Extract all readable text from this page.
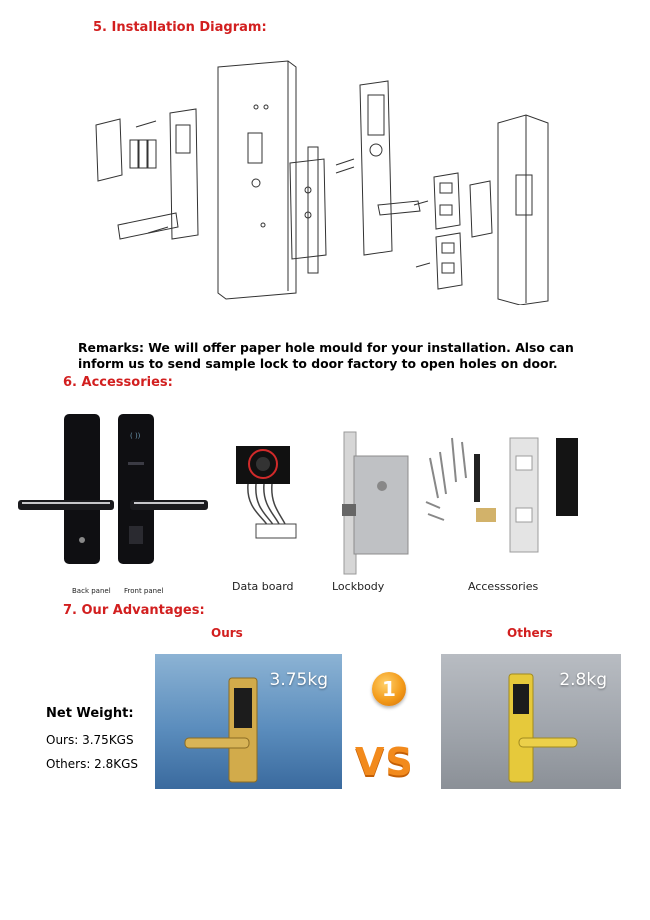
5. Installation Diagram:
Remarks: We will offer paper hole mould for your installation. Also can inform us to send sample lock to door factory to open holes on door.
6. Accessories:
( ))
Back panel Front panel	Data board	Lockbody	Accesssories
7. Our Advantages:
Ours	Others
Net Weight:
Ours: 3.75KGS
Others: 2.8KGS
3.75kg	1
VS
2.8kg
